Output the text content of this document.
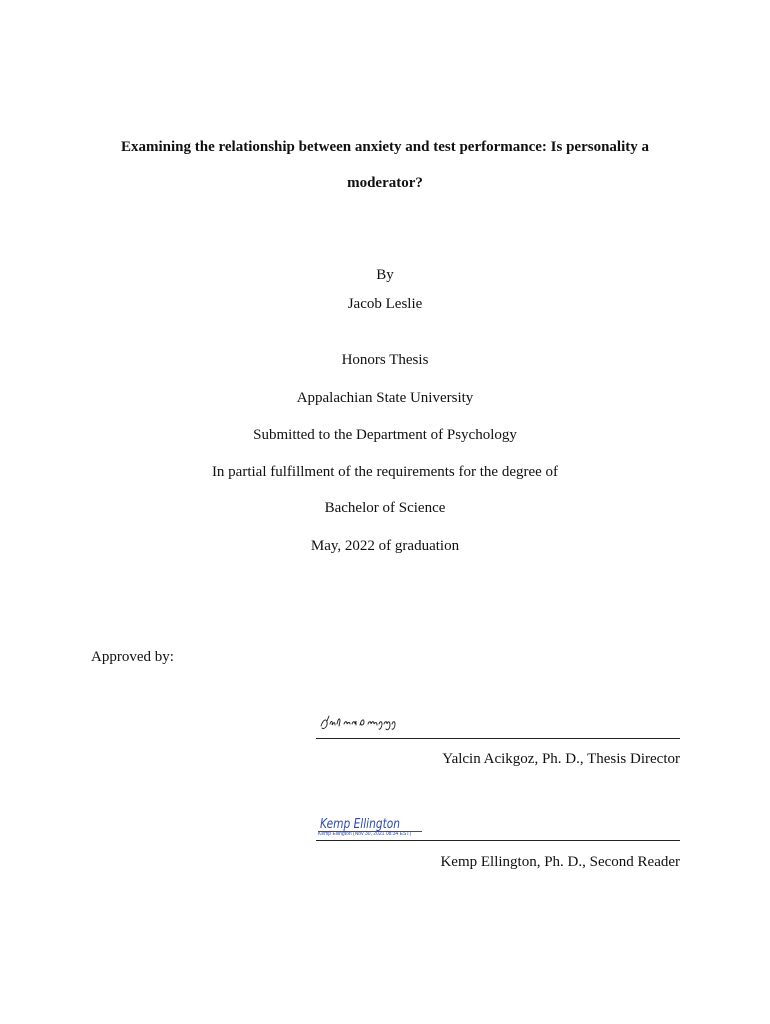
Examining the relationship between anxiety and test performance: Is personality a
moderator?
By
Jacob Leslie
Honors Thesis
Appalachian State University
Submitted to the Department of Psychology
In partial fulfillment of the requirements for the degree of
Bachelor of Science
May, 2022 of graduation
Approved by:
Yalcin Acikgoz, Ph. D., Thesis Director
Kemp Ellington
Kemp Ellington (Nov 30, 2021 08:34 EST)
Kemp Ellington, Ph. D., Second Reader
